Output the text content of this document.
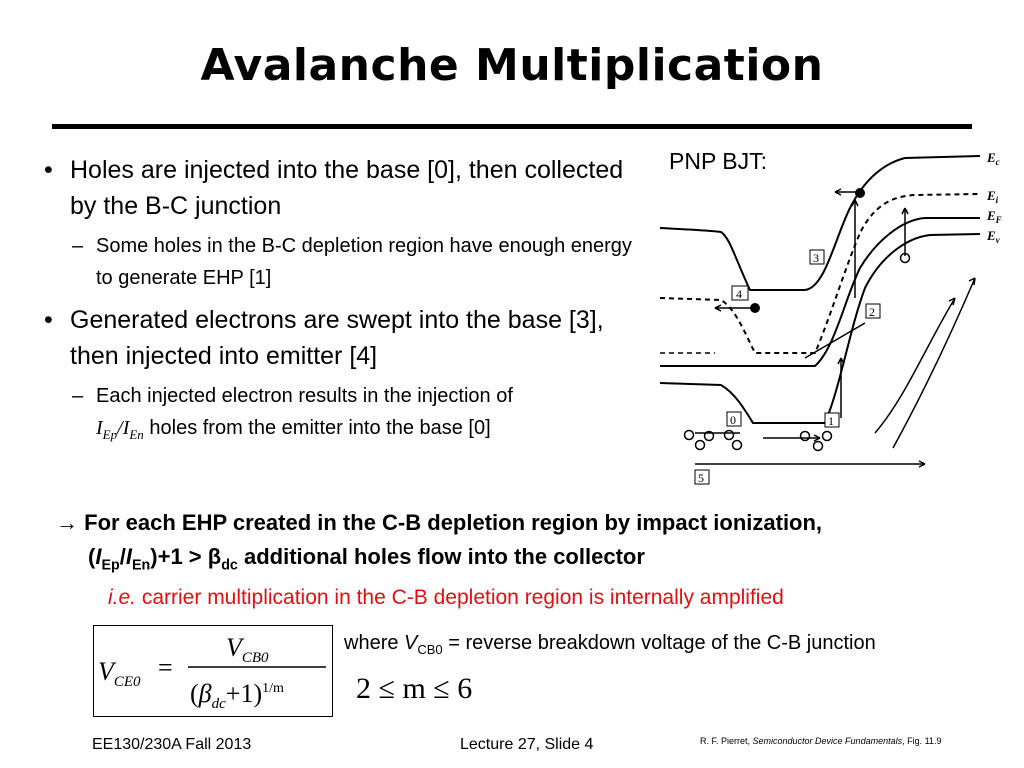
Avalanche Multiplication
• Holes are injected into the base [0], then collected by the B-C junction
– Some holes in the B-C depletion region have enough energy to generate EHP [1]
• Generated electrons are swept into the base [3], then injected into emitter [4]
– Each injected electron results in the injection of
$I_{Ep}/I_{En}$ holes from the emitter into the base [0]
PNP BJT:	$E_c$
$E_i$
$E_F$
$E_v$
3
4
2
0	1
5
→ For each EHP created in the C-B depletion region by impact ionization,
$(I_{Ep}/I_{En})+1 > \beta_{dc}$ additional holes flow into the collector
i.e. carrier multiplication in the C-B depletion region is internally amplified
$V_{CE0}$ =
$V_{CB0}$
$(\beta_{dc}+1)^{1/m}$
where $V_{CB0}$ = reverse breakdown voltage of the C-B junction
2 ≤ m ≤ 6
EE130/230A Fall 2013	Lecture 27, Slide 4	R. F. Pierret, Semiconductor Device Fundamentals, Fig. 11.9
